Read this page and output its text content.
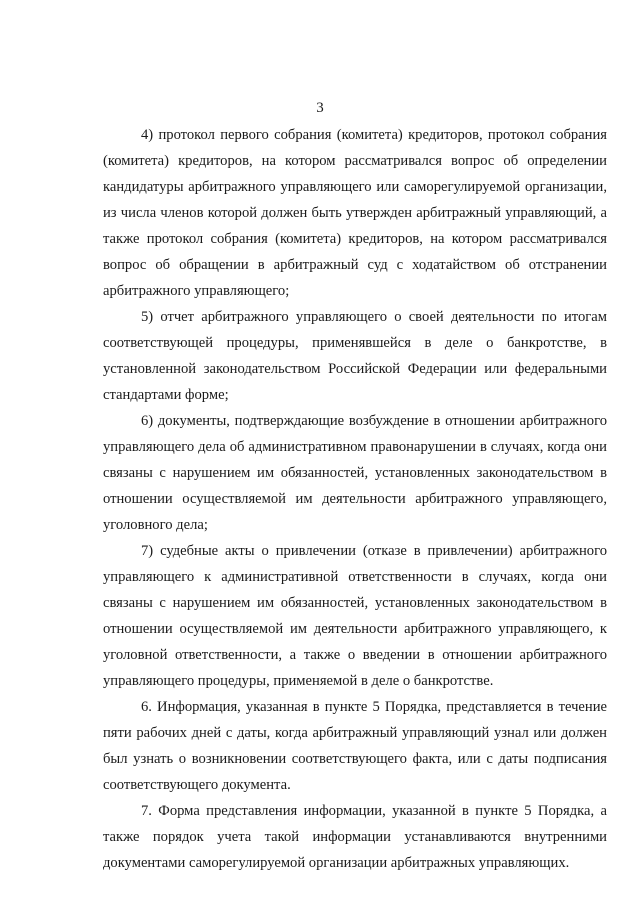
3

4) протокол первого собрания (комитета) кредиторов, протокол собрания (комитета) кредиторов, на котором рассматривался вопрос об определении кандидатуры арбитражного управляющего или саморегулируемой организации, из числа членов которой должен быть утвержден арбитражный управляющий, а также протокол собрания (комитета) кредиторов, на котором рассматривался вопрос об обращении в арбитражный суд с ходатайством об отстранении арбитражного управляющего;

5) отчет арбитражного управляющего о своей деятельности по итогам соответствующей процедуры, применявшейся в деле о банкротстве, в установленной законодательством Российской Федерации или федеральными стандартами форме;

6) документы, подтверждающие возбуждение в отношении арбитражного управляющего дела об административном правонарушении в случаях, когда они связаны с нарушением им обязанностей, установленных законодательством в отношении осуществляемой им деятельности арбитражного управляющего, уголовного дела;

7) судебные акты о привлечении (отказе в привлечении) арбитражного управляющего к административной ответственности в случаях, когда они связаны с нарушением им обязанностей, установленных законодательством в отношении осуществляемой им деятельности арбитражного управляющего, к уголовной ответственности, а также о введении в отношении арбитражного управляющего процедуры, применяемой в деле о банкротстве.

6. Информация, указанная в пункте 5 Порядка, представляется в течение пяти рабочих дней с даты, когда арбитражный управляющий узнал или должен был узнать о возникновении соответствующего факта, или с даты подписания соответствующего документа.

7. Форма представления информации, указанной в пункте 5 Порядка, а также порядок учета такой информации устанавливаются внутренними документами саморегулируемой организации арбитражных управляющих.
